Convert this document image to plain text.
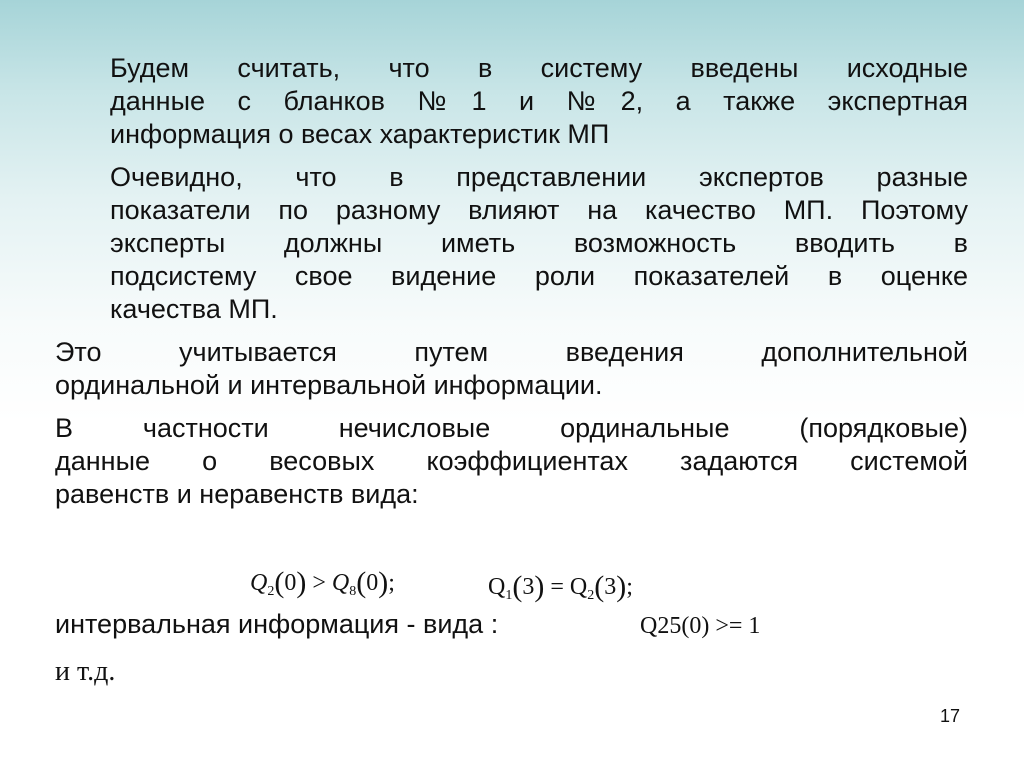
Будем считать, что в систему введены исходные
данные с бланков №1 и №2, а также экспертная
информация о весах характеристик МП

Очевидно, что в представлении экспертов разные
показатели по разному влияют на качество МП. Поэтому
эксперты должны иметь возможность вводить в
подсистему свое видение роли показателей в оценке
качества МП.

Это учитывается путем введения дополнительной
ординальной и интервальной информации.

В частности нечисловые ординальные (порядковые)
данные о весовых коэффициентах задаются системой
равенств и неравенств вида:

$Q_2(0) > Q_8(0)$;	$Q_1(3) = Q_2(3)$;
интервальная информация - вида :	Q25(0) >= 1
и т.д.
17
